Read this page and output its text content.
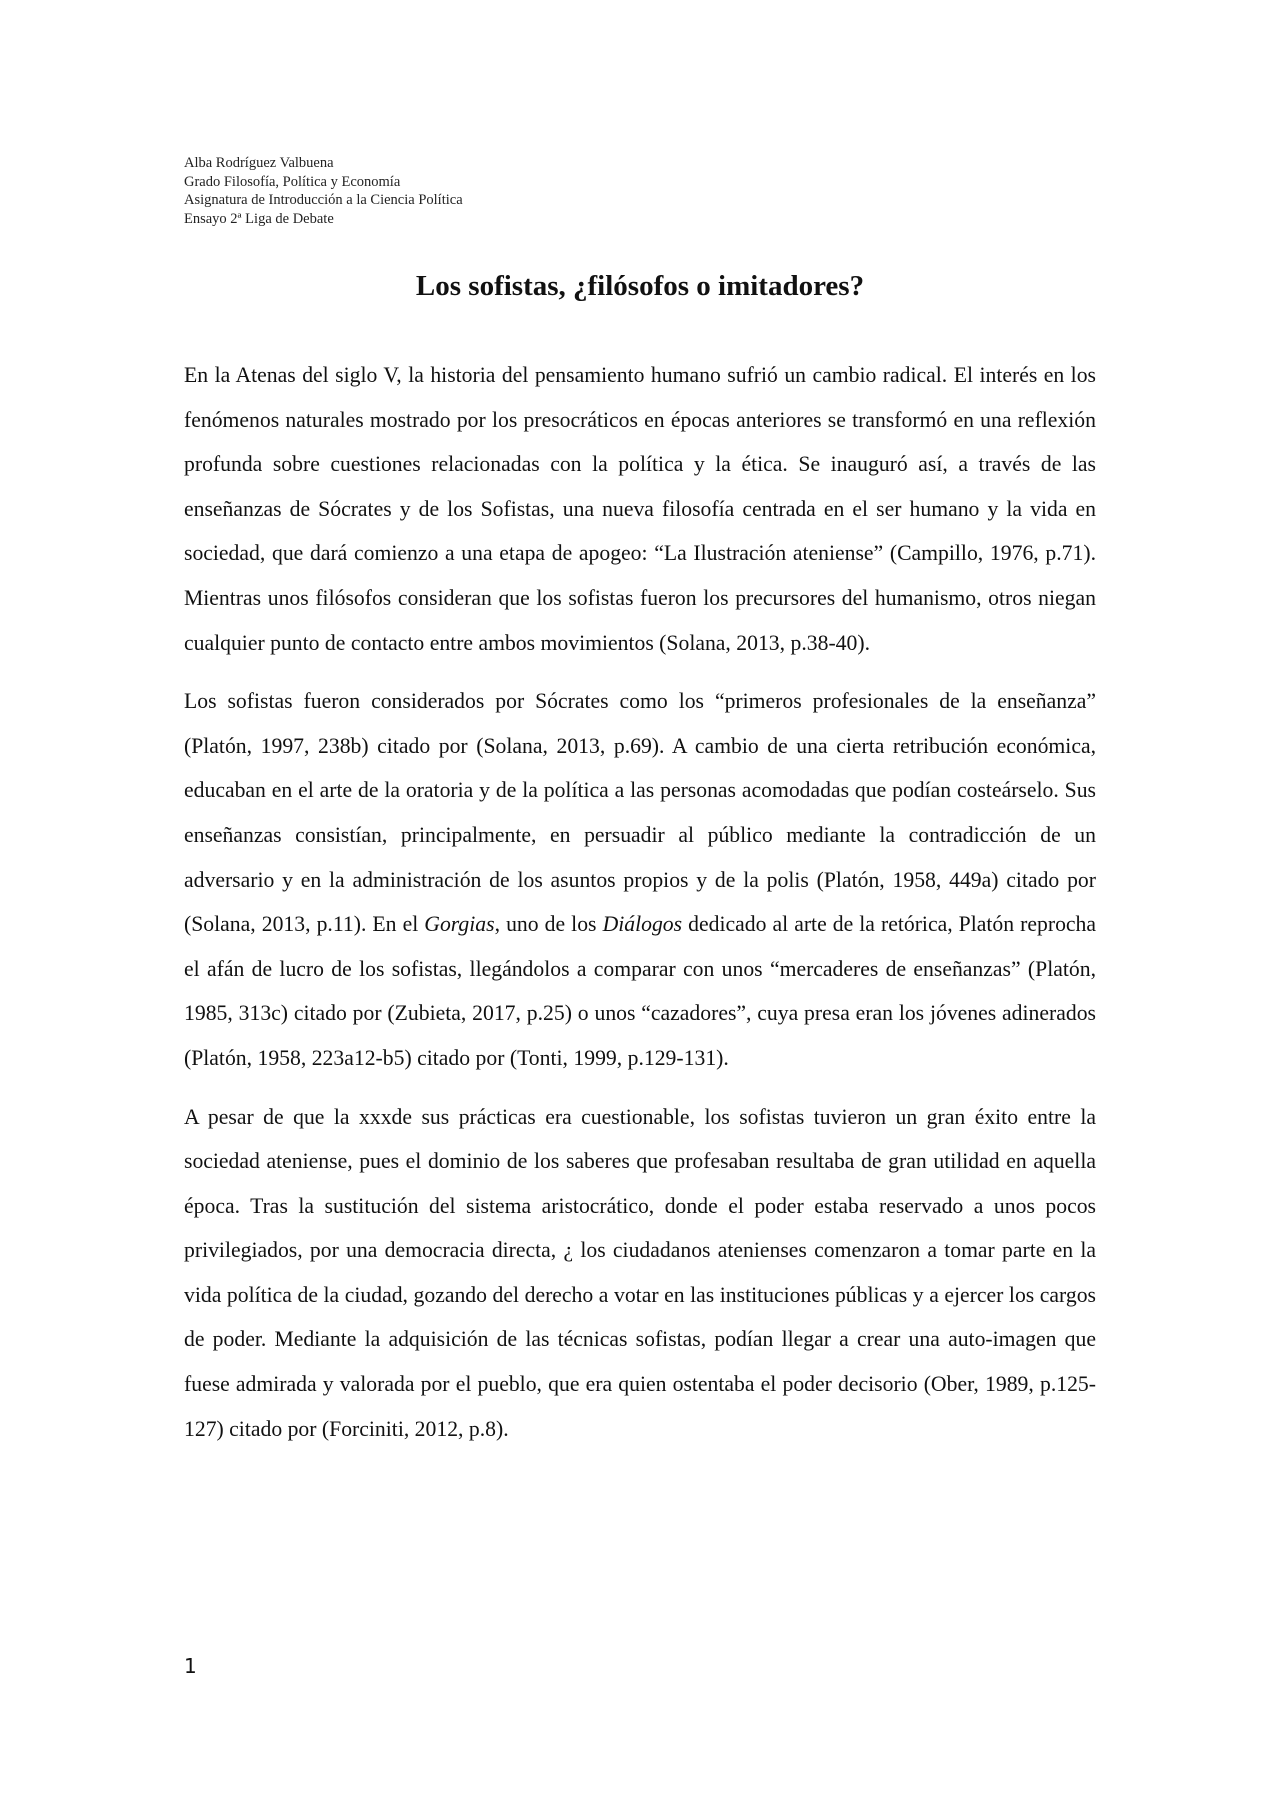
Alba Rodríguez Valbuena
Grado Filosofía, Política y Economía
Asignatura de Introducción a la Ciencia Política
Ensayo 2ª Liga de Debate
Los sofistas, ¿filósofos o imitadores?

En la Atenas del siglo V, la historia del pensamiento humano sufrió un cambio radical. El interés en los fenómenos naturales mostrado por los presocráticos en épocas anteriores se transformó en una reflexión profunda sobre cuestiones relacionadas con la política y la ética. Se inauguró así, a través de las enseñanzas de Sócrates y de los Sofistas, una nueva filosofía centrada en el ser humano y la vida en sociedad, que dará comienzo a una etapa de apogeo: “La Ilustración ateniense” (Campillo, 1976, p.71). Mientras unos filósofos consideran que los sofistas fueron los precursores del humanismo, otros niegan cualquier punto de contacto entre ambos movimientos (Solana, 2013, p.38-40).

Los sofistas fueron considerados por Sócrates como los “primeros profesionales de la enseñanza” (Platón, 1997, 238b) citado por (Solana, 2013, p.69). A cambio de una cierta retribución económica, educaban en el arte de la oratoria y de la política a las personas acomodadas que podían costeárselo. Sus enseñanzas consistían, principalmente, en persuadir al público mediante la contradicción de un adversario y en la administración de los asuntos propios y de la polis (Platón, 1958, 449a) citado por (Solana, 2013, p.11). En el Gorgias, uno de los Diálogos dedicado al arte de la retórica, Platón reprocha el afán de lucro de los sofistas, llegándolos a comparar con unos “mercaderes de enseñanzas” (Platón, 1985, 313c) citado por (Zubieta, 2017, p.25) o unos “cazadores”, cuya presa eran los jóvenes adinerados (Platón, 1958, 223a12-b5) citado por (Tonti, 1999, p.129-131).

A pesar de que la xxxde sus prácticas era cuestionable, los sofistas tuvieron un gran éxito entre la sociedad ateniense, pues el dominio de los saberes que profesaban resultaba de gran utilidad en aquella época. Tras la sustitución del sistema aristocrático, donde el poder estaba reservado a unos pocos privilegiados, por una democracia directa, ¿ los ciudadanos atenienses comenzaron a tomar parte en la vida política de la ciudad, gozando del derecho a votar en las instituciones públicas y a ejercer los cargos de poder. Mediante la adquisición de las técnicas sofistas, podían llegar a crear una auto-imagen que fuese admirada y valorada por el pueblo, que era quien ostentaba el poder decisorio (Ober, 1989, p.125-127) citado por (Forciniti, 2012, p.8).

1
